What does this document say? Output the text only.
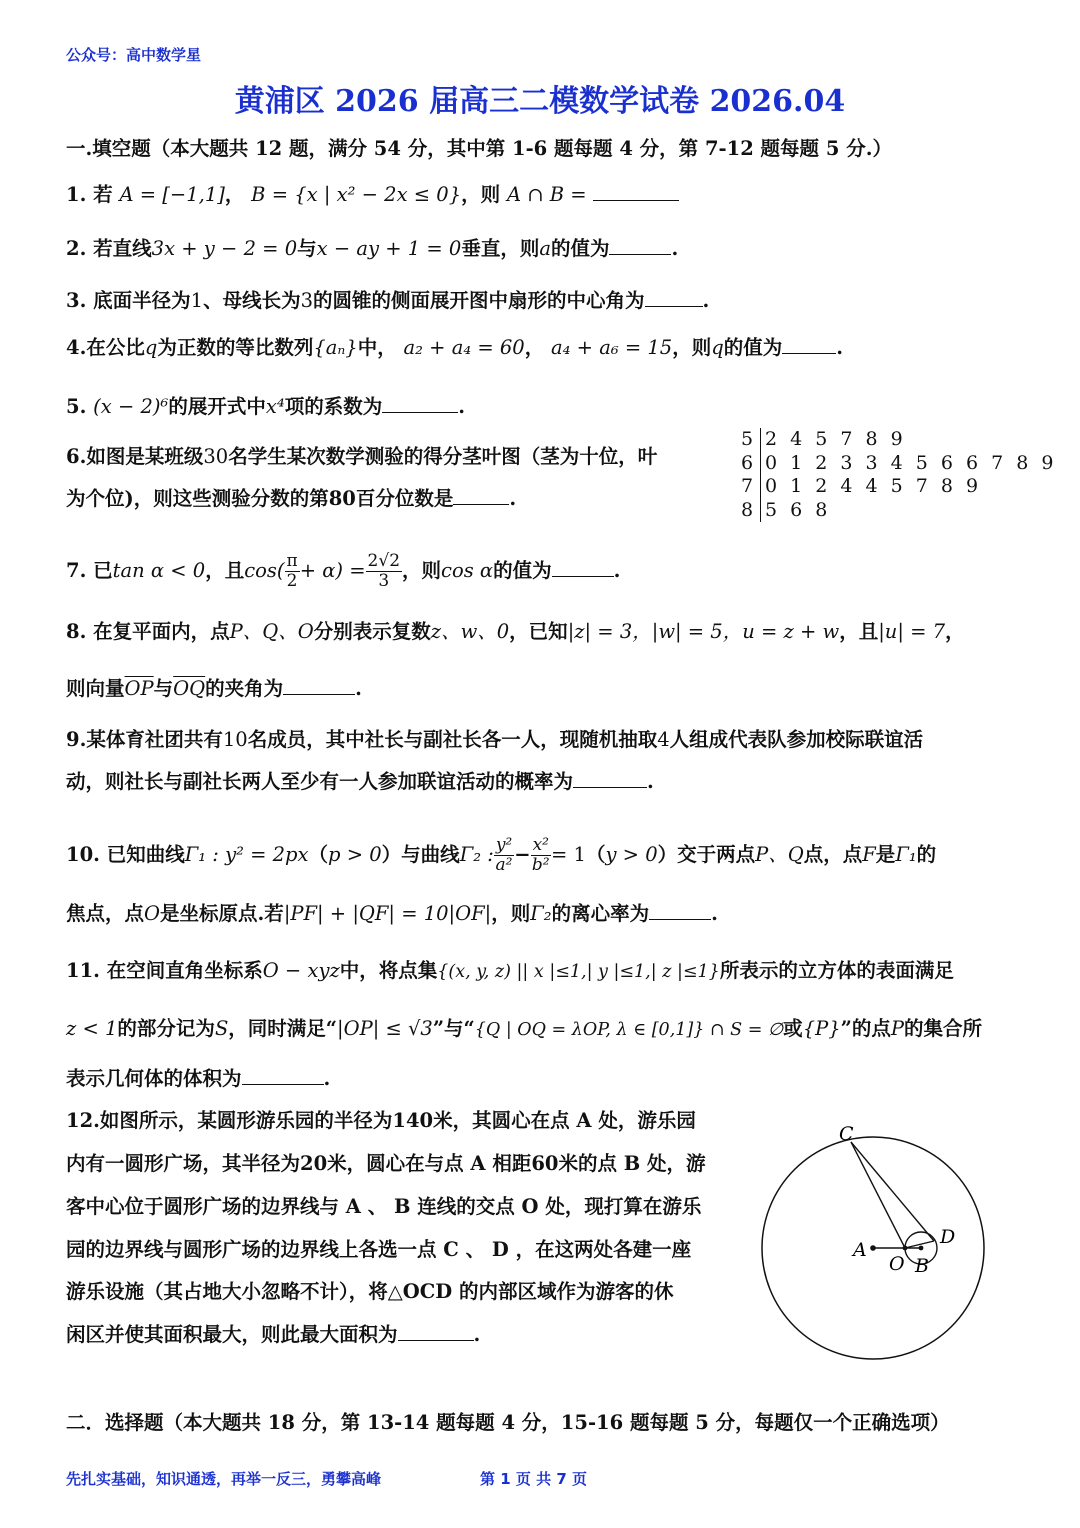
公众号：高中数学星
黄浦区 2026 届高三二模数学试卷 2026.04
一.填空题（本大题共 12 题，满分 54 分，其中第 1-6 题每题 4 分，第 7-12 题每题 5 分.）
1. 若 A = [−1,1]， B = {x | x² − 2x ≤ 0}，则 A ∩ B =
2. 若直线3x + y − 2 = 0与x − ay + 1 = 0垂直，则a的值为	.
3. 底面半径为1、母线长为3的圆锥的侧面展开图中扇形的中心角为	.
4.在公比q为正数的等比数列{aₙ}中， a₂ + a₄ = 60， a₄ + a₆ = 15，则q的值为	.
5. (x − 2)⁶的展开式中x⁴项的系数为	.
6.如图是某班级30名学生某次数学测验的得分茎叶图（茎为十位，叶
为个位)，则这些测验分数的第80百分位数是	.
5 2 4 5 7 8 9
6 0 1 2 3 3 4 5 6 6 7 8 9
7 0 1 2 4 4 5 7 8 9
8 5 6 8
7. 已tan α < 0，且$\cos( \frac{\pi}{2} + \alpha) = \frac{2√2}{3}$ ，则cos α的值为	.
8. 在复平面内，点P、Q、O分别表示复数z、w、0，已知|z| = 3，|w| = 5，u = z + w，且|u| = 7，
则向量$\overline{OP}$与$\overline{OQ}$的夹角为	.
9.某体育社团共有10名成员，其中社长与副社长各一人，现随机抽取4人组成代表队参加校际联谊活
动，则社长与副社长两人至少有一人参加联谊活动的概率为	.
10. 已知曲线Γ₁ : y² = 2px（p > 0）与曲线Γ₂ : $\frac{\text{y²}}{\text{a²}} - \frac{\text{x²}}{\text{b²}} = 1(y > 0)$交于两点P、Q点，点F是Γ₁的
焦点，点O是坐标原点.若|PF| + |QF| = 10|OF|，则Γ₂的离心率为	.
11. 在空间直角坐标系O − xyz中，将点集{(x, y, z) || x |≤1,| y |≤1,| z |≤1}所表示的立方体的表面满足
z < 1的部分记为S，同时满足“|OP| ≤ √3”与“{Q | OQ = λOP, λ ∈ [0,1]} ∩ S = ∅或{P}”的点P的集合所
表示几何体的体积为	.
12.如图所示，某圆形游乐园的半径为140米，其圆心在点 A 处，游乐园
内有一圆形广场，其半径为20米，圆心在与点 A 相距60米的点 B 处，游
客中心位于圆形广场的边界线与 A 、 B 连线的交点 O 处，现打算在游乐
园的边界线与圆形广场的边界线上各选一点 C 、 D ，在这两处各建一座
游乐设施（其占地大小忽略不计），将△OCD 的内部区域作为游客的休
闲区并使其面积最大，则此最大面积为	.
C
D
A
O B
二．选择题（本大题共 18 分，第 13-14 题每题 4 分，15-16 题每题 5 分，每题仅一个正确选项）
先扎实基础，知识通透，再举一反三，勇攀高峰	第 1 页 共 7 页
